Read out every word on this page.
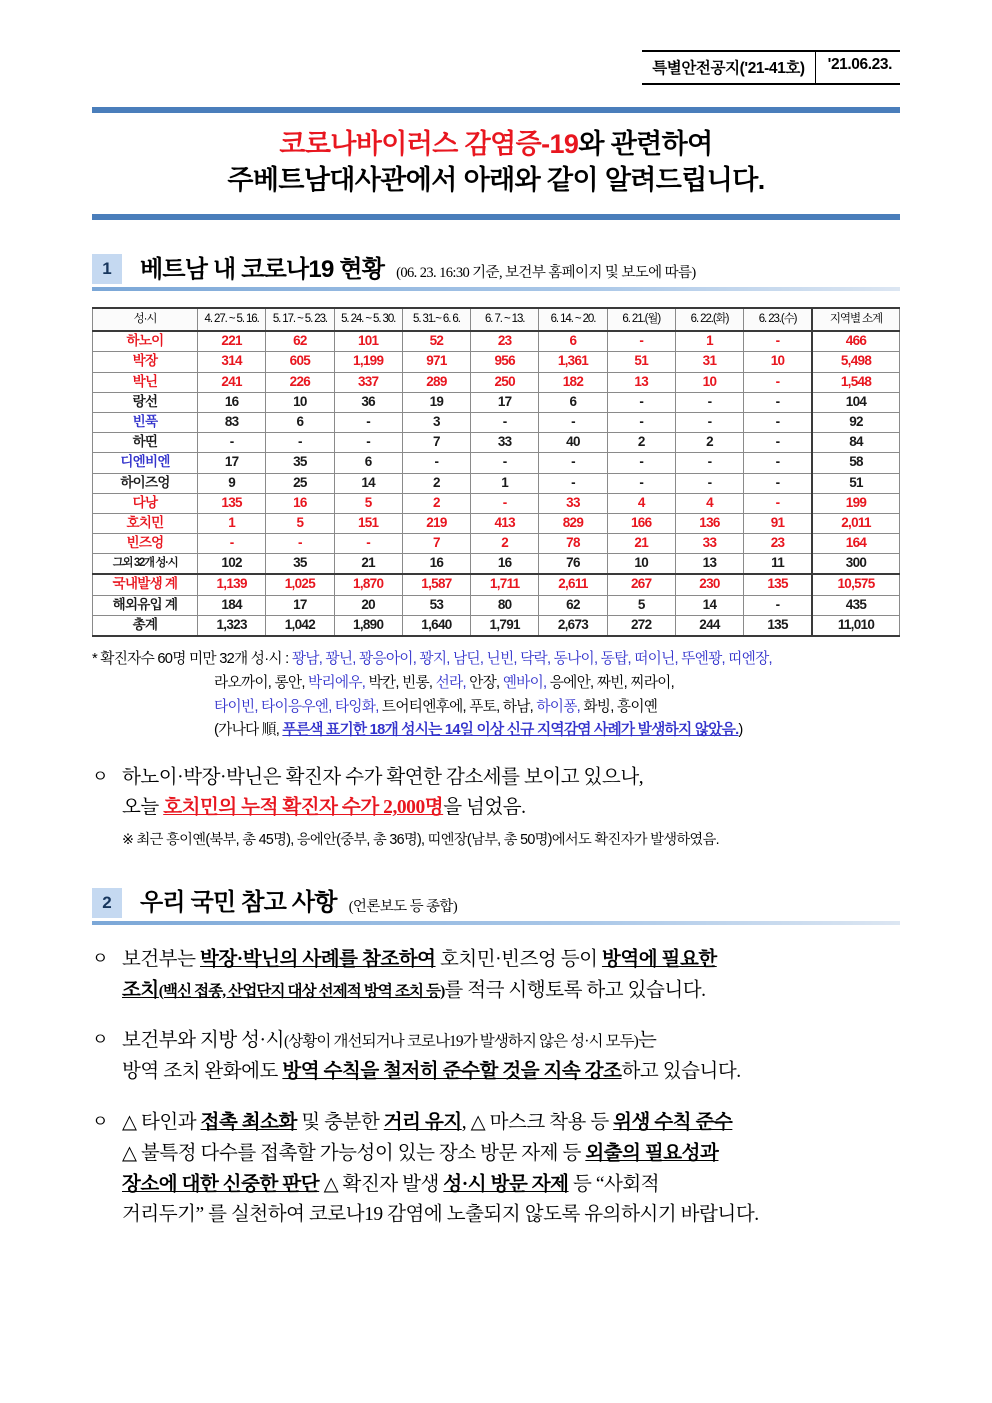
특별안전공지('21-41호)	'21.06.23.
코로나바이러스 감염증-19와 관련하여
주베트남대사관에서 아래와 같이 알려드립니다.
1	베트남 내 코로나19 현황 (06. 23. 16:30 기준, 보건부 홈페이지 및 보도에 따름)
성·시	4. 27. ~ 5. 16.	5. 17. ~ 5. 23.	5. 24. ~ 5. 30.	5. 31.~ 6. 6.	6. 7. ~ 13.	6. 14. ~ 20.	6. 21.(월)	6. 22.(화)	6. 23.(수)	지역별 소계
하노이	221	62	101	52	23	6	-	1	-	466
박장	314	605	1,199	971	956	1,361	51	31	10	5,498
박닌	241	226	337	289	250	182	13	10	-	1,548
랑선	16	10	36	19	17	6	-	-	-	104
빈푹	83	6	-	3	-	-	-	-	-	92
하띤	-	-	-	7	33	40	2	2	-	84
디엔비엔	17	35	6	-	-	-	-	-	-	58
하이즈엉	9	25	14	2	1	-	-	-	-	51
다낭	135	16	5	2	-	33	4	4	-	199
호치민	1	5	151	219	413	829	166	136	91	2,011
빈즈엉	-	-	-	7	2	78	21	33	23	164
그외 32개 성·시	102	35	21	16	16	76	10	13	11	300
국내발생 계	1,139	1,025	1,870	1,587	1,711	2,611	267	230	135	10,575
해외유입 계	184	17	20	53	80	62	5	14	-	435
총계	1,323	1,042	1,890	1,640	1,791	2,673	272	244	135	11,010
* 확진자수 60명 미만 32개 성·시 : 꽝남, 꽝닌, 꽝응아이, 꽝지, 남딘, 닌빈, 닥락, 동나이, 동탑, 떠이닌, 뚜엔꽝, 띠엔장,
라오까이, 롱안, 박리에우, 박칸, 빈롱, 선라, 안장, 옌바이, 응에안, 짜빈, 찌라이,
타이빈, 타이응우엔, 타잉화, 트어티엔후에, 푸토, 하남, 하이퐁, 화빙, 흥이옌
(가나다 順, 푸른색 표기한 18개 성시는 14일 이상 신규 지역감염 사례가 발생하지 않았음.)
ㅇ 하노이·박장·박닌은 확진자 수가 확연한 감소세를 보이고 있으나,
오늘 호치민의 누적 확진자 수가 2,000명을 넘었음.
※ 최근 흥이옌(북부, 총 45명), 응에안(중부, 총 36명), 띠엔장(남부, 총 50명)에서도 확진자가 발생하였음.
2	우리 국민 참고 사항 (언론보도 등 종합)
ㅇ 보건부는 박장·박닌의 사례를 참조하여 호치민·빈즈엉 등이 방역에 필요한
조치(백신 접종, 산업단지 대상 선제적 방역 조치 등)를 적극 시행토록 하고 있습니다.
ㅇ 보건부와 지방 성·시(상황이 개선되거나 코로나19가 발생하지 않은 성·시 모두)는
방역 조치 완화에도 방역 수칙을 철저히 준수할 것을 지속 강조하고 있습니다.
ㅇ △ 타인과 접촉 최소화 및 충분한 거리 유지, △ 마스크 착용 등 위생 수칙 준수
△ 불특정 다수를 접촉할 가능성이 있는 장소 방문 자제 등 외출의 필요성과
장소에 대한 신중한 판단 △ 확진자 발생 성·시 방문 자제 등 “사회적
거리두기” 를 실천하여 코로나19 감염에 노출되지 않도록 유의하시기 바랍니다.
